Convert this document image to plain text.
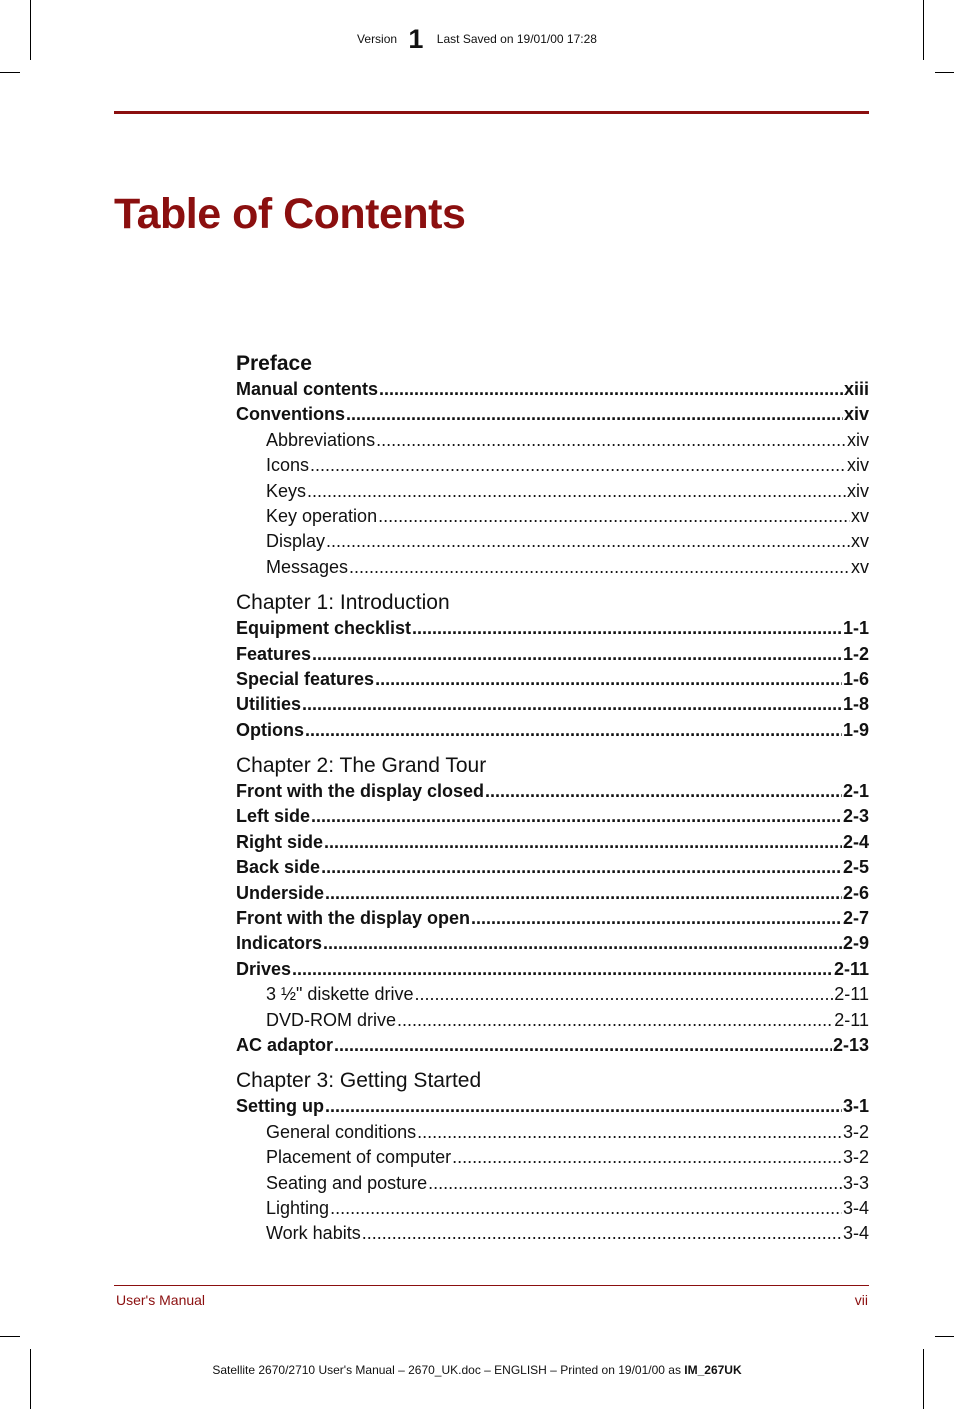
Version 1 Last Saved on 19/01/00 17:28
Table of Contents
Preface
Manual contents .....	xiii
Conventions .....	xiv
Abbreviations .....	xiv
Icons .....	xiv
Keys .....	xiv
Key operation .....	xv
Display .....	xv
Messages .....	xv
Chapter 1: Introduction
Equipment checklist .....	1-1
Features .....	1-2
Special features .....	1-6
Utilities .....	1-8
Options .....	1-9
Chapter 2: The Grand Tour
Front with the display closed .....	2-1
Left side .....	2-3
Right side .....	2-4
Back side .....	2-5
Underside .....	2-6
Front with the display open .....	2-7
Indicators .....	2-9
Drives .....	2-11
3 ½" diskette drive .....	2-11
DVD-ROM drive .....	2-11
AC adaptor .....	2-13
Chapter 3: Getting Started
Setting up .....	3-1
General conditions .....	3-2
Placement of computer .....	3-2
Seating and posture .....	3-3
Lighting .....	3-4
Work habits .....	3-4
User's Manual	vii
Satellite 2670/2710 User's Manual – 2670_UK.doc – ENGLISH – Printed on 19/01/00 as IM_267UK
